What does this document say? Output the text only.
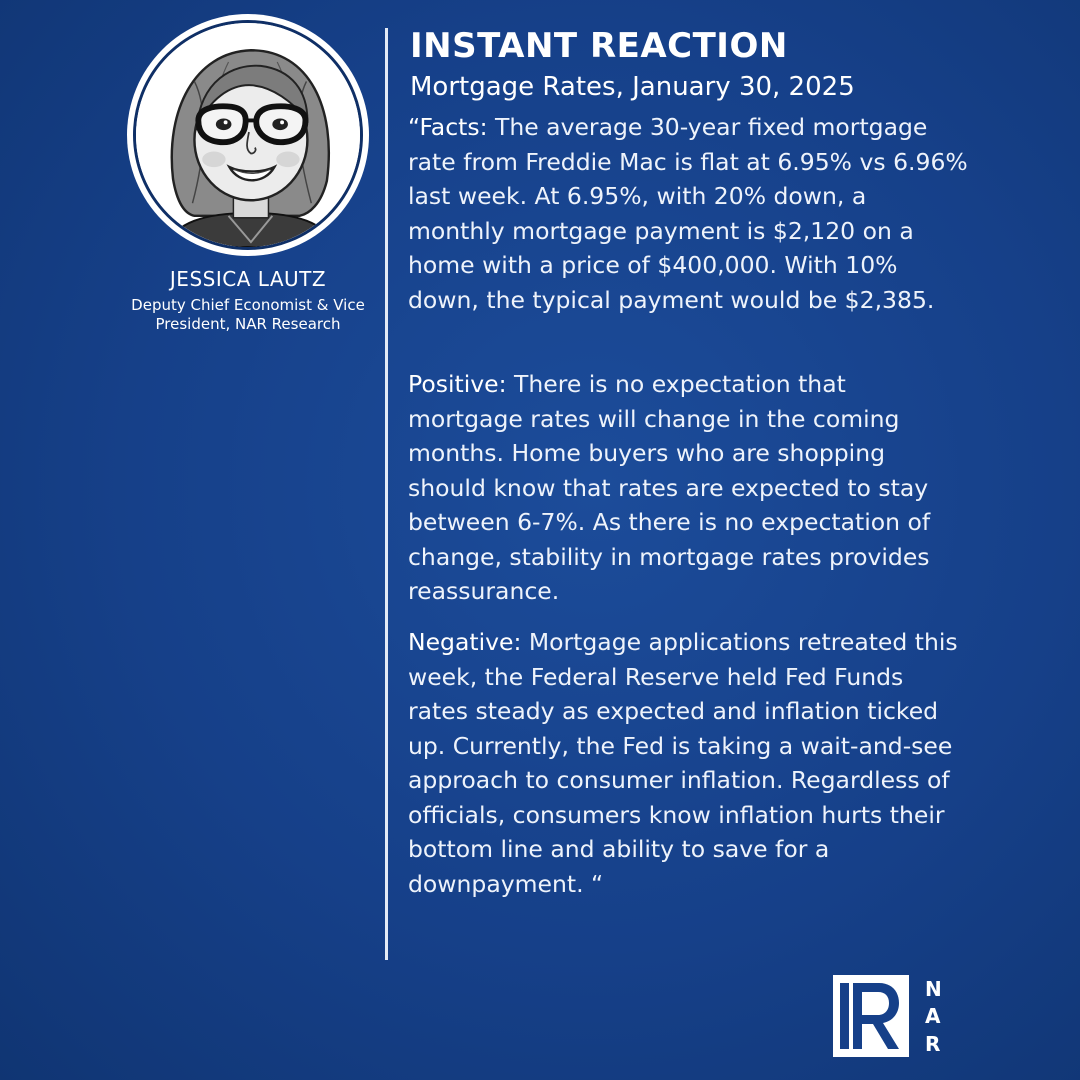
JESSICA LAUTZ
Deputy Chief Economist & Vice President, NAR Research
INSTANT REACTION
Mortgage Rates, January 30, 2025

“Facts: The average 30-year fixed mortgage rate from Freddie Mac is flat at 6.95% vs 6.96% last week. At 6.95%, with 20% down, a monthly mortgage payment is $2,120 on a home with a price of $400,000. With 10% down, the typical payment would be $2,385.

Positive: There is no expectation that mortgage rates will change in the coming months. Home buyers who are shopping should know that rates are expected to stay between 6-7%. As there is no expectation of change, stability in mortgage rates provides reassurance.

Negative: Mortgage applications retreated this week, the Federal Reserve held Fed Funds rates steady as expected and inflation ticked up. Currently, the Fed is taking a wait-and-see approach to consumer inflation. Regardless of officials, consumers know inflation hurts their bottom line and ability to save for a downpayment. “

N
A
R
